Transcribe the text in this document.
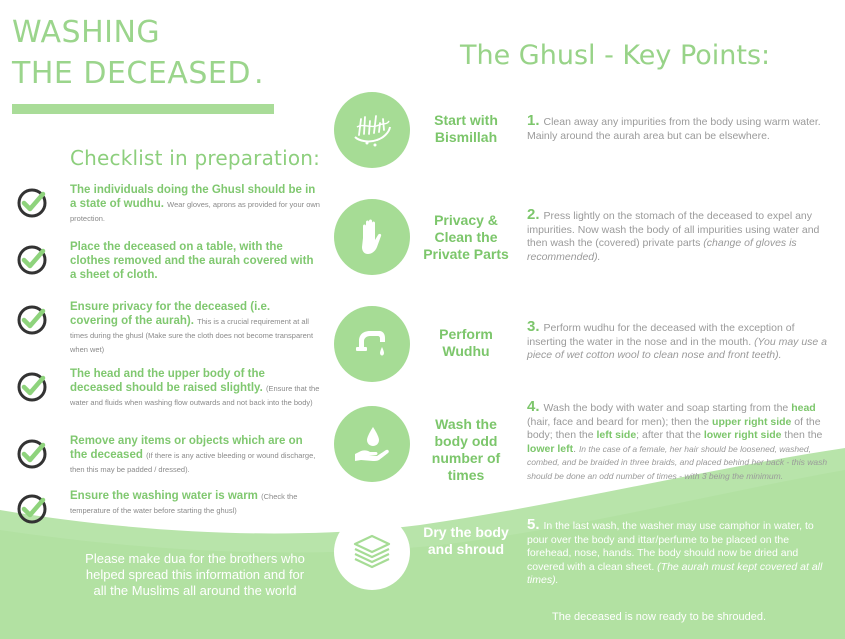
WASHING
THE DECEASED .
Checklist in preparation:
The individuals doing the Ghusl should be in a state of wudhu. Wear gloves, aprons as provided for your own protection.
Place the deceased on a table, with the clothes removed and the aurah covered with a sheet of cloth.
Ensure privacy for the deceased (i.e. covering of the aurah). This is a crucial requirement at all times during the ghusl (Make sure the cloth does not become transparent when wet)
The head and the upper body of the deceased should be raised slightly. (Ensure that the water and fluids when washing flow outwards and not back into the body)
Remove any items or objects which are on the deceased (If there is any active bleeding or wound discharge, then this may be padded / dressed).
Ensure the washing water is warm (Check the temperature of the water before starting the ghusl)
Please make dua for the brothers who helped spread this information and for all the Muslims all around the world
The Ghusl - Key Points:
Start with Bismillah
1. Clean away any impurities from the body using warm water. Mainly around the aurah area but can be elsewhere.
Privacy & Clean the Private Parts
2. Press lightly on the stomach of the deceased to expel any impurities. Now wash the body of all impurities using water and then wash the (covered) private parts (change of gloves is recommended).
Perform Wudhu
3. Perform wudhu for the deceased with the exception of inserting the water in the nose and in the mouth. (You may use a piece of wet cotton wool to clean nose and front teeth).
Wash the body odd number of times
4. Wash the body with water and soap starting from the head (hair, face and beard for men); then the upper right side of the body; then the left side; after that the lower right side then the lower left. In the case of a female, her hair should be loosened, washed, combed, and be braided in three braids, and placed behind her back - this wash should be done an odd number of times - with 3 being the minimum.
Dry the body and shroud
5. In the last wash, the washer may use camphor in water, to pour over the body and ittar/perfume to be placed on the forehead, nose, hands. The body should now be dried and covered with a clean sheet. (The aurah must kept covered at all times).
The deceased is now ready to be shrouded.
